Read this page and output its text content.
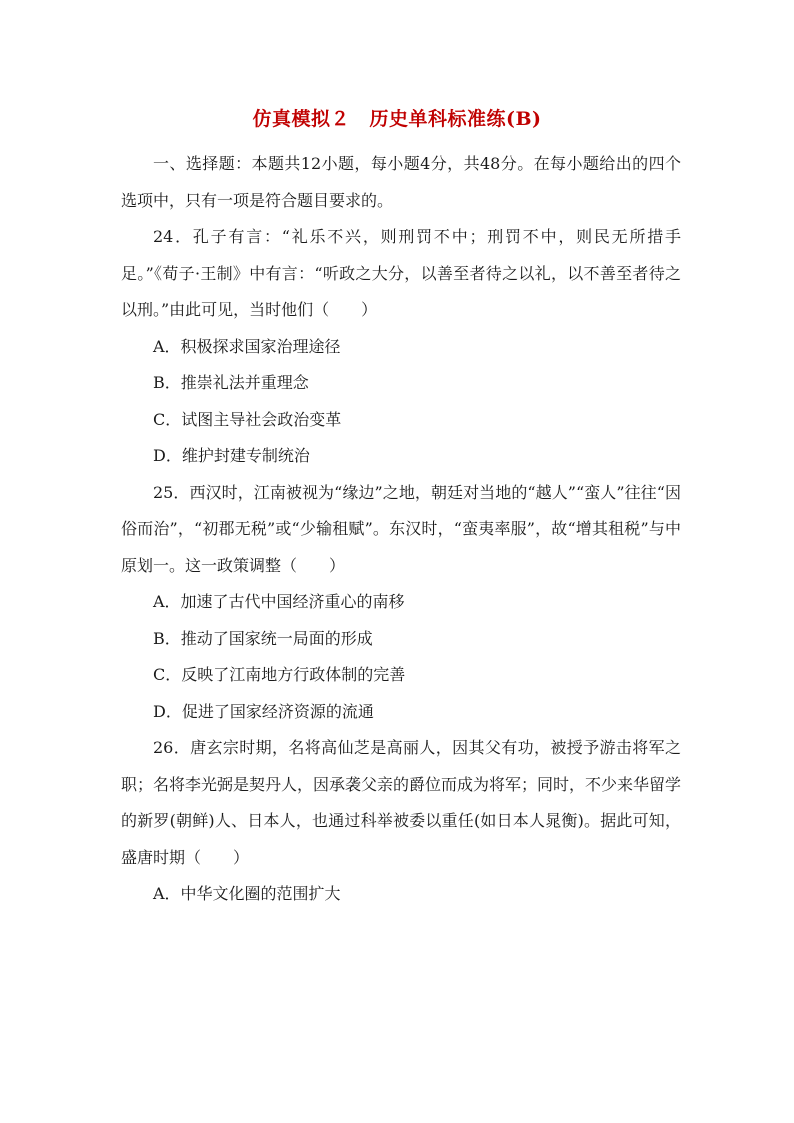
仿真模拟２　历史单科标准练(B)

一、选择题：本题共12小题，每小题4分，共48分。在每小题给出的四个选项中，只有一项是符合题目要求的。

24．孔子有言：“礼乐不兴，则刑罚不中；刑罚不中，则民无所措手足。”《荀子·王制》中有言：“听政之大分，以善至者待之以礼，以不善至者待之以刑。”由此可见，当时他们（　　）

A．积极探求国家治理途径

B．推崇礼法并重理念

C．试图主导社会政治变革

D．维护封建专制统治

25．西汉时，江南被视为“缘边”之地，朝廷对当地的“越人”“蛮人”往往“因俗而治”，“初郡无税”或“少输租赋”。东汉时，“蛮夷率服”，故“增其租税”与中原划一。这一政策调整（　　）

A．加速了古代中国经济重心的南移

B．推动了国家统一局面的形成

C．反映了江南地方行政体制的完善

D．促进了国家经济资源的流通

26．唐玄宗时期，名将高仙芝是高丽人，因其父有功，被授予游击将军之职；名将李光弼是契丹人，因承袭父亲的爵位而成为将军；同时，不少来华留学的新罗(朝鲜)人、日本人，也通过科举被委以重任(如日本人晁衡)。据此可知，盛唐时期（　　）

A．中华文化圈的范围扩大
